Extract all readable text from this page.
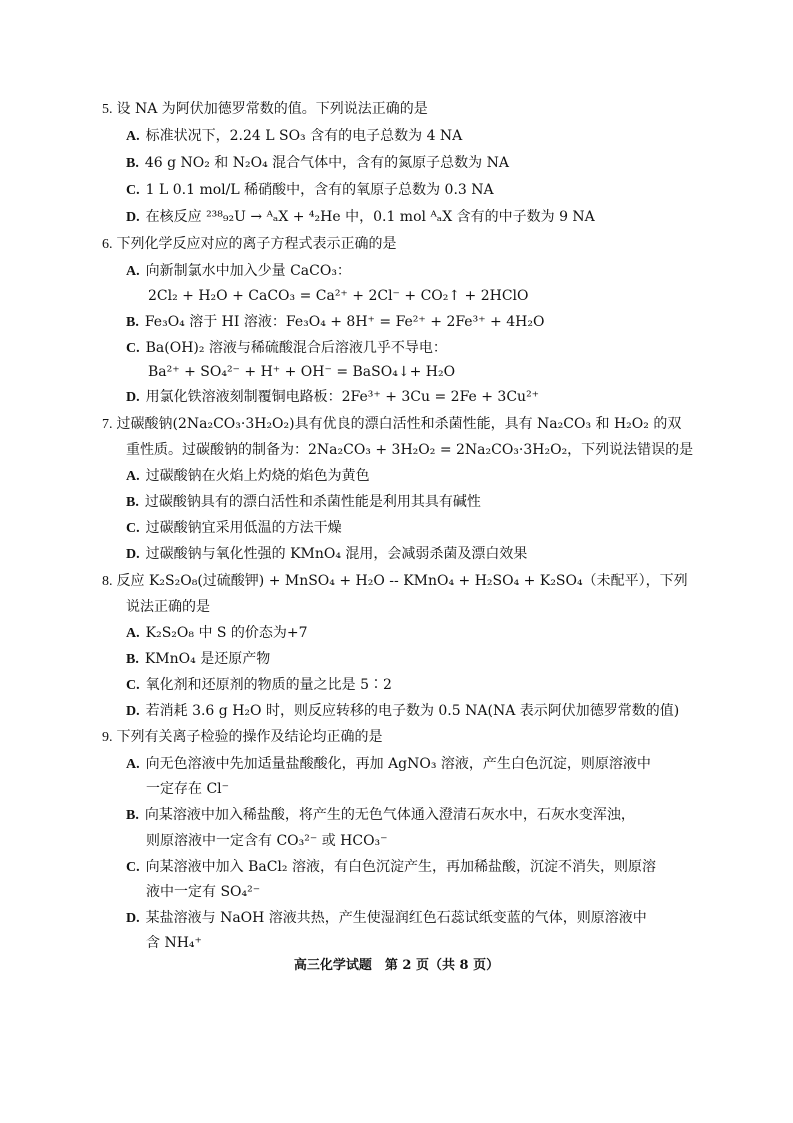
5. 设 NA 为阿伏加德罗常数的值。下列说法正确的是
A. 标准状况下，2.24 L SO₃ 含有的电子总数为 4 NA
B. 46 g NO₂ 和 N₂O₄ 混合气体中，含有的氮原子总数为 NA
C. 1 L 0.1 mol/L 稀硝酸中，含有的氧原子总数为 0.3 NA
D. 在核反应 ²³⁸₉₂U → ᴬₐX + ⁴₂He 中，0.1 mol ᴬₐX 含有的中子数为 9 NA
6. 下列化学反应对应的离子方程式表示正确的是
A. 向新制氯水中加入少量 CaCO₃：
2Cl₂ + H₂O + CaCO₃ = Ca²⁺ + 2Cl⁻ + CO₂↑ + 2HClO
B. Fe₃O₄ 溶于 HI 溶液：Fe₃O₄ + 8H⁺ = Fe²⁺ + 2Fe³⁺ + 4H₂O
C. Ba(OH)₂ 溶液与稀硫酸混合后溶液几乎不导电：
Ba²⁺ + SO₄²⁻ + H⁺ + OH⁻ = BaSO₄↓+ H₂O
D. 用氯化铁溶液刻制覆铜电路板：2Fe³⁺ + 3Cu = 2Fe + 3Cu²⁺
7. 过碳酸钠(2Na₂CO₃·3H₂O₂)具有优良的漂白活性和杀菌性能，具有 Na₂CO₃ 和 H₂O₂ 的双
重性质。过碳酸钠的制备为：2Na₂CO₃ + 3H₂O₂ = 2Na₂CO₃·3H₂O₂，下列说法错误的是
A. 过碳酸钠在火焰上灼烧的焰色为黄色
B. 过碳酸钠具有的漂白活性和杀菌性能是利用其具有碱性
C. 过碳酸钠宜采用低温的方法干燥
D. 过碳酸钠与氧化性强的 KMnO₄ 混用，会减弱杀菌及漂白效果
8. 反应 K₂S₂O₈(过硫酸钾) + MnSO₄ + H₂O -- KMnO₄ + H₂SO₄ + K₂SO₄（未配平），下列
说法正确的是
A. K₂S₂O₈ 中 S 的价态为+7
B. KMnO₄ 是还原产物
C. 氧化剂和还原剂的物质的量之比是 5∶2
D. 若消耗 3.6 g H₂O 时，则反应转移的电子数为 0.5 NA(NA 表示阿伏加德罗常数的值)
9. 下列有关离子检验的操作及结论均正确的是
A. 向无色溶液中先加适量盐酸酸化，再加 AgNO₃ 溶液，产生白色沉淀，则原溶液中
一定存在 Cl⁻
B. 向某溶液中加入稀盐酸，将产生的无色气体通入澄清石灰水中，石灰水变浑浊，
则原溶液中一定含有 CO₃²⁻ 或 HCO₃⁻
C. 向某溶液中加入 BaCl₂ 溶液，有白色沉淀产生，再加稀盐酸，沉淀不消失，则原溶
液中一定有 SO₄²⁻
D. 某盐溶液与 NaOH 溶液共热，产生使湿润红色石蕊试纸变蓝的气体，则原溶液中
含 NH₄⁺
高三化学试题　第 2 页（共 8 页）
